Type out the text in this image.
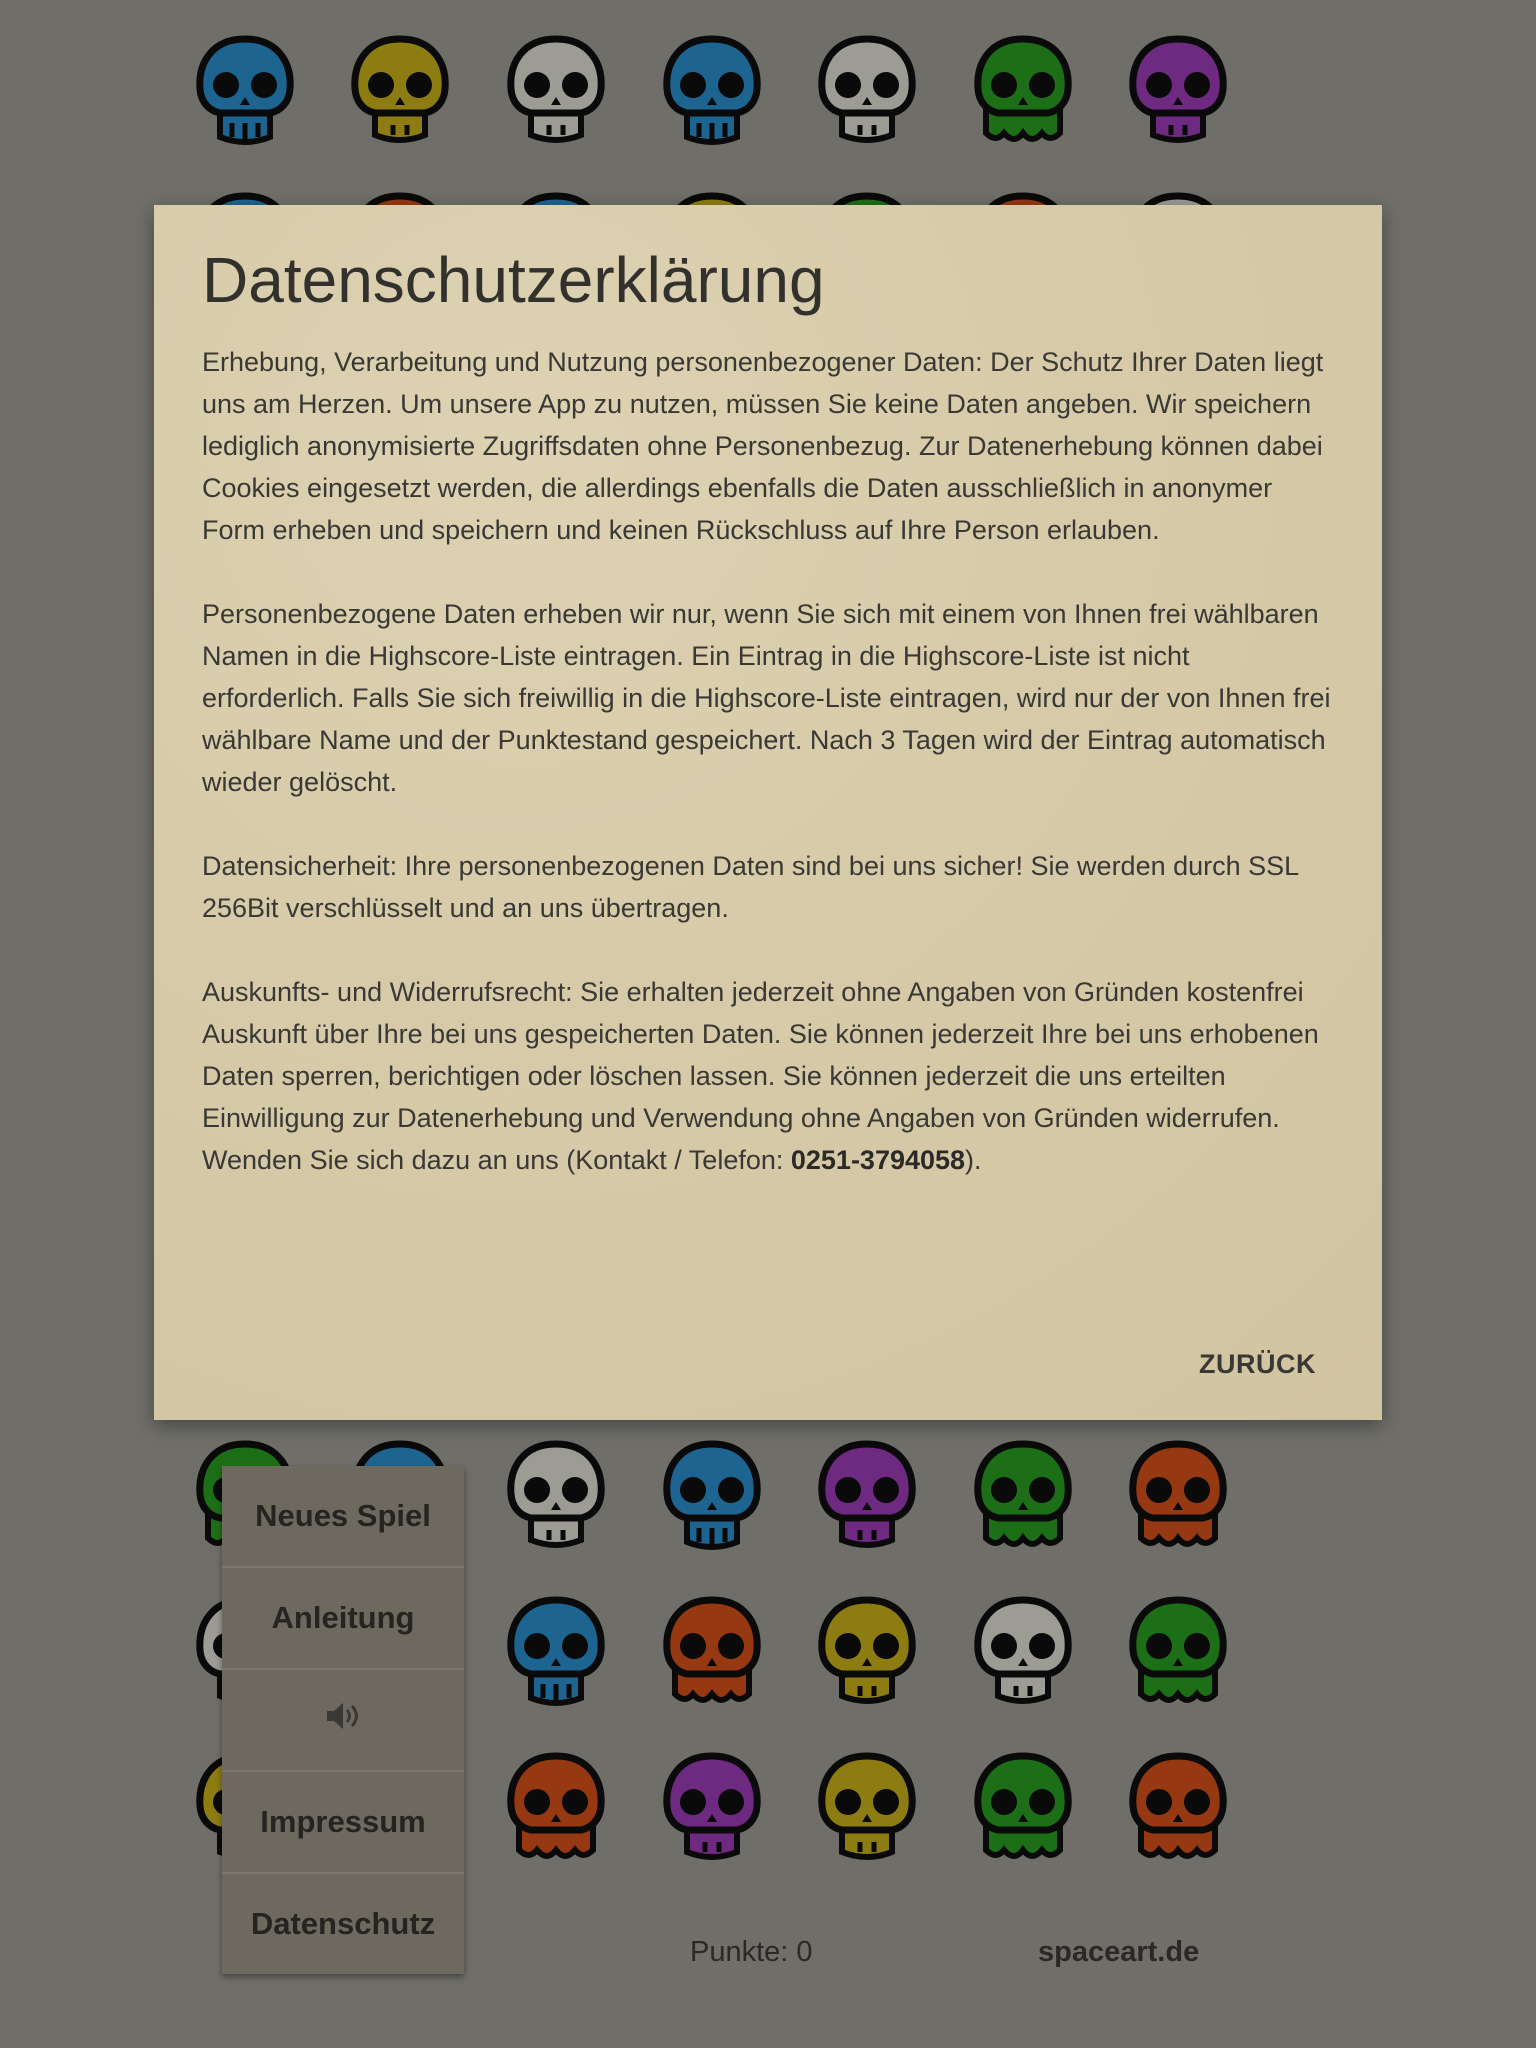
Datenschutzerklärung

Erhebung, Verarbeitung und Nutzung personenbezogener Daten: Der Schutz Ihrer Daten liegt uns am Herzen. Um unsere App zu nutzen, müssen Sie keine Daten angeben. Wir speichern lediglich anonymisierte Zugriffsdaten ohne Personenbezug. Zur Datenerhebung können dabei Cookies eingesetzt werden, die allerdings ebenfalls die Daten ausschließlich in anonymer Form erheben und speichern und keinen Rückschluss auf Ihre Person erlauben.

Personenbezogene Daten erheben wir nur, wenn Sie sich mit einem von Ihnen frei wählbaren Namen in die Highscore-Liste eintragen. Ein Eintrag in die Highscore-Liste ist nicht erforderlich. Falls Sie sich freiwillig in die Highscore-Liste eintragen, wird nur der von Ihnen frei wählbare Name und der Punktestand gespeichert. Nach 3 Tagen wird der Eintrag automatisch wieder gelöscht.

Datensicherheit: Ihre personenbezogenen Daten sind bei uns sicher! Sie werden durch SSL 256Bit verschlüsselt und an uns übertragen.

Auskunfts- und Widerrufsrecht: Sie erhalten jederzeit ohne Angaben von Gründen kostenfrei Auskunft über Ihre bei uns gespeicherten Daten. Sie können jederzeit Ihre bei uns erhobenen Daten sperren, berichtigen oder löschen lassen. Sie können jederzeit die uns erteilten Einwilligung zur Datenerhebung und Verwendung ohne Angaben von Gründen widerrufen. Wenden Sie sich dazu an uns (Kontakt / Telefon: 0251-3794058).

ZURÜCK
Neues Spiel
Anleitung
Impressum
Datenschutz
Punkte: 0	spaceart.de
